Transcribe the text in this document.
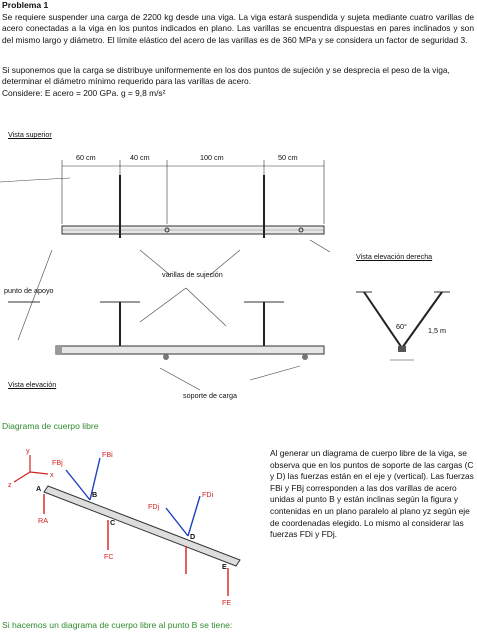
Problema 1

Se requiere suspender una carga de 2200 kg desde una viga. La viga estará suspendida y sujeta mediante cuatro varillas de acero conectadas a la viga en los puntos indicados en plano. Las varillas se encuentra dispuestas en pares inclinados y son del mismo largo y diámetro. El límite elástico del acero de las varillas es de 360 MPa y se considera un factor de seguridad 3.

Si suponemos que la carga se distribuye uniformemente en los dos puntos de sujeción y se desprecia el peso de la viga, determinar el diámetro mínimo requerido para las varillas de acero.

Considere: E acero = 200 GPa. g = 9,8 m/s²

Vista superior
60 cm	40 cm	100 cm	50 cm
varillas de sujeción
punto de apoyo
Vista elevación
soporte de carga
Vista elevación derecha
60°	1,5 m
Diagrama de cuerpo libre

Al generar un diagrama de cuerpo libre de la viga, se observa que en los puntos de soporte de las cargas (C y D) las fuerzas están en el eje y (vertical). Las fuerzas FBi y FBj corresponden a las dos varillas de acero unidas al punto B y están inclinas según la figura y contenidas en un plano paralelo al plano yz según eje de coordenadas elegido. Lo mismo al considerar las fuerzas FDi y FDj.

y
x
z	A
B
C
D
E
FBj
FBi
FDj
FDi
RA
FC
FE
Si hacemos un diagrama de cuerpo libre al punto B se tiene:
